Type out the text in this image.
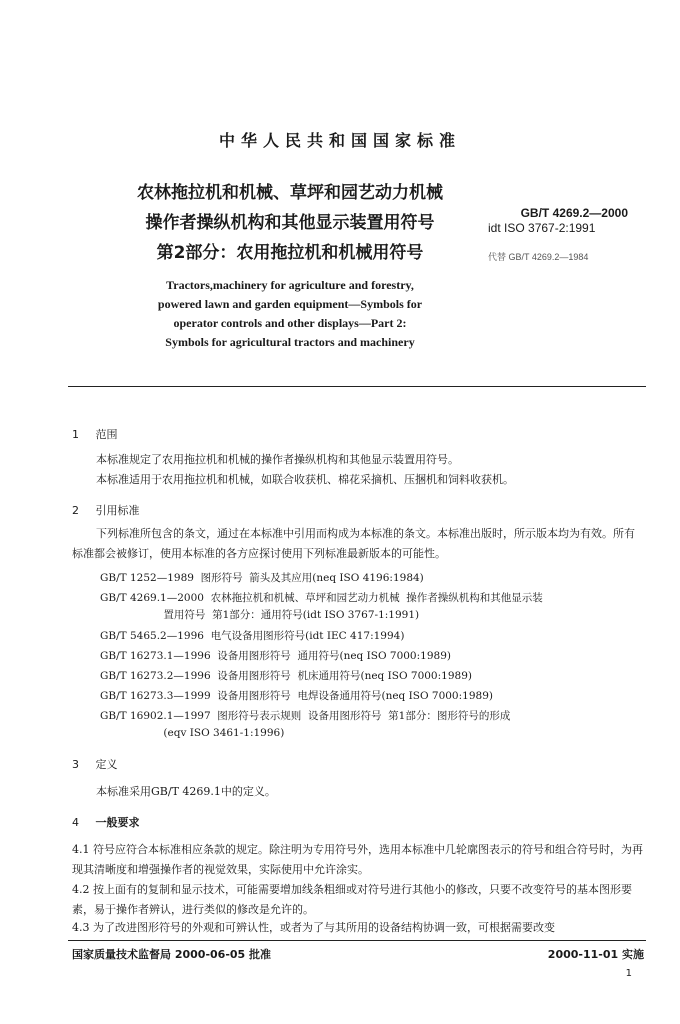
中华人民共和国国家标准
农林拖拉机和机械、草坪和园艺动力机械
操作者操纵机构和其他显示装置用符号
第2部分：农用拖拉机和机械用符号
GB/T 4269.2—2000
idt ISO 3767-2:1991
代替 GB/T 4269.2—1984
Tractors,machinery for agriculture and forestry,
powered lawn and garden equipment—Symbols for
operator controls and other displays—Part 2:
Symbols for agricultural tractors and machinery
1 范围
本标准规定了农用拖拉机和机械的操作者操纵机构和其他显示装置用符号。
本标准适用于农用拖拉机和机械，如联合收获机、棉花采摘机、压捆机和饲料收获机。
2 引用标准
下列标准所包含的条文，通过在本标准中引用而构成为本标准的条文。本标准出版时，所示版本均为有效。所有标准都会被修订，使用本标准的各方应探讨使用下列标准最新版本的可能性。
GB/T 1252—1989  图形符号  箭头及其应用(neq ISO 4196:1984)
GB/T 4269.1—2000  农林拖拉机和机械、草坪和园艺动力机械  操作者操纵机构和其他显示装
置用符号  第1部分：通用符号(idt ISO 3767-1:1991)
GB/T 5465.2—1996  电气设备用图形符号(idt IEC 417:1994)
GB/T 16273.1—1996  设备用图形符号  通用符号(neq ISO 7000:1989)
GB/T 16273.2—1996  设备用图形符号  机床通用符号(neq ISO 7000:1989)
GB/T 16273.3—1999  设备用图形符号  电焊设备通用符号(neq ISO 7000:1989)
GB/T 16902.1—1997  图形符号表示规则  设备用图形符号  第1部分：图形符号的形成
(eqv ISO 3461-1:1996)
3 定义
本标准采用GB/T 4269.1中的定义。
4 一般要求
4.1 符号应符合本标准相应条款的规定。除注明为专用符号外，选用本标准中几轮廓图表示的符号和组合符号时，为再现其清晰度和增强操作者的视觉效果，实际使用中允许涂实。
4.2 按上面有的复制和显示技术，可能需要增加线条粗细或对符号进行其他小的修改，只要不改变符号的基本图形要素，易于操作者辨认，进行类似的修改是允许的。
4.3 为了改进图形符号的外观和可辨认性，或者为了与其所用的设备结构协调一致，可根据需要改变
国家质量技术监督局 2000-06-05 批准	2000-11-01 实施
1
